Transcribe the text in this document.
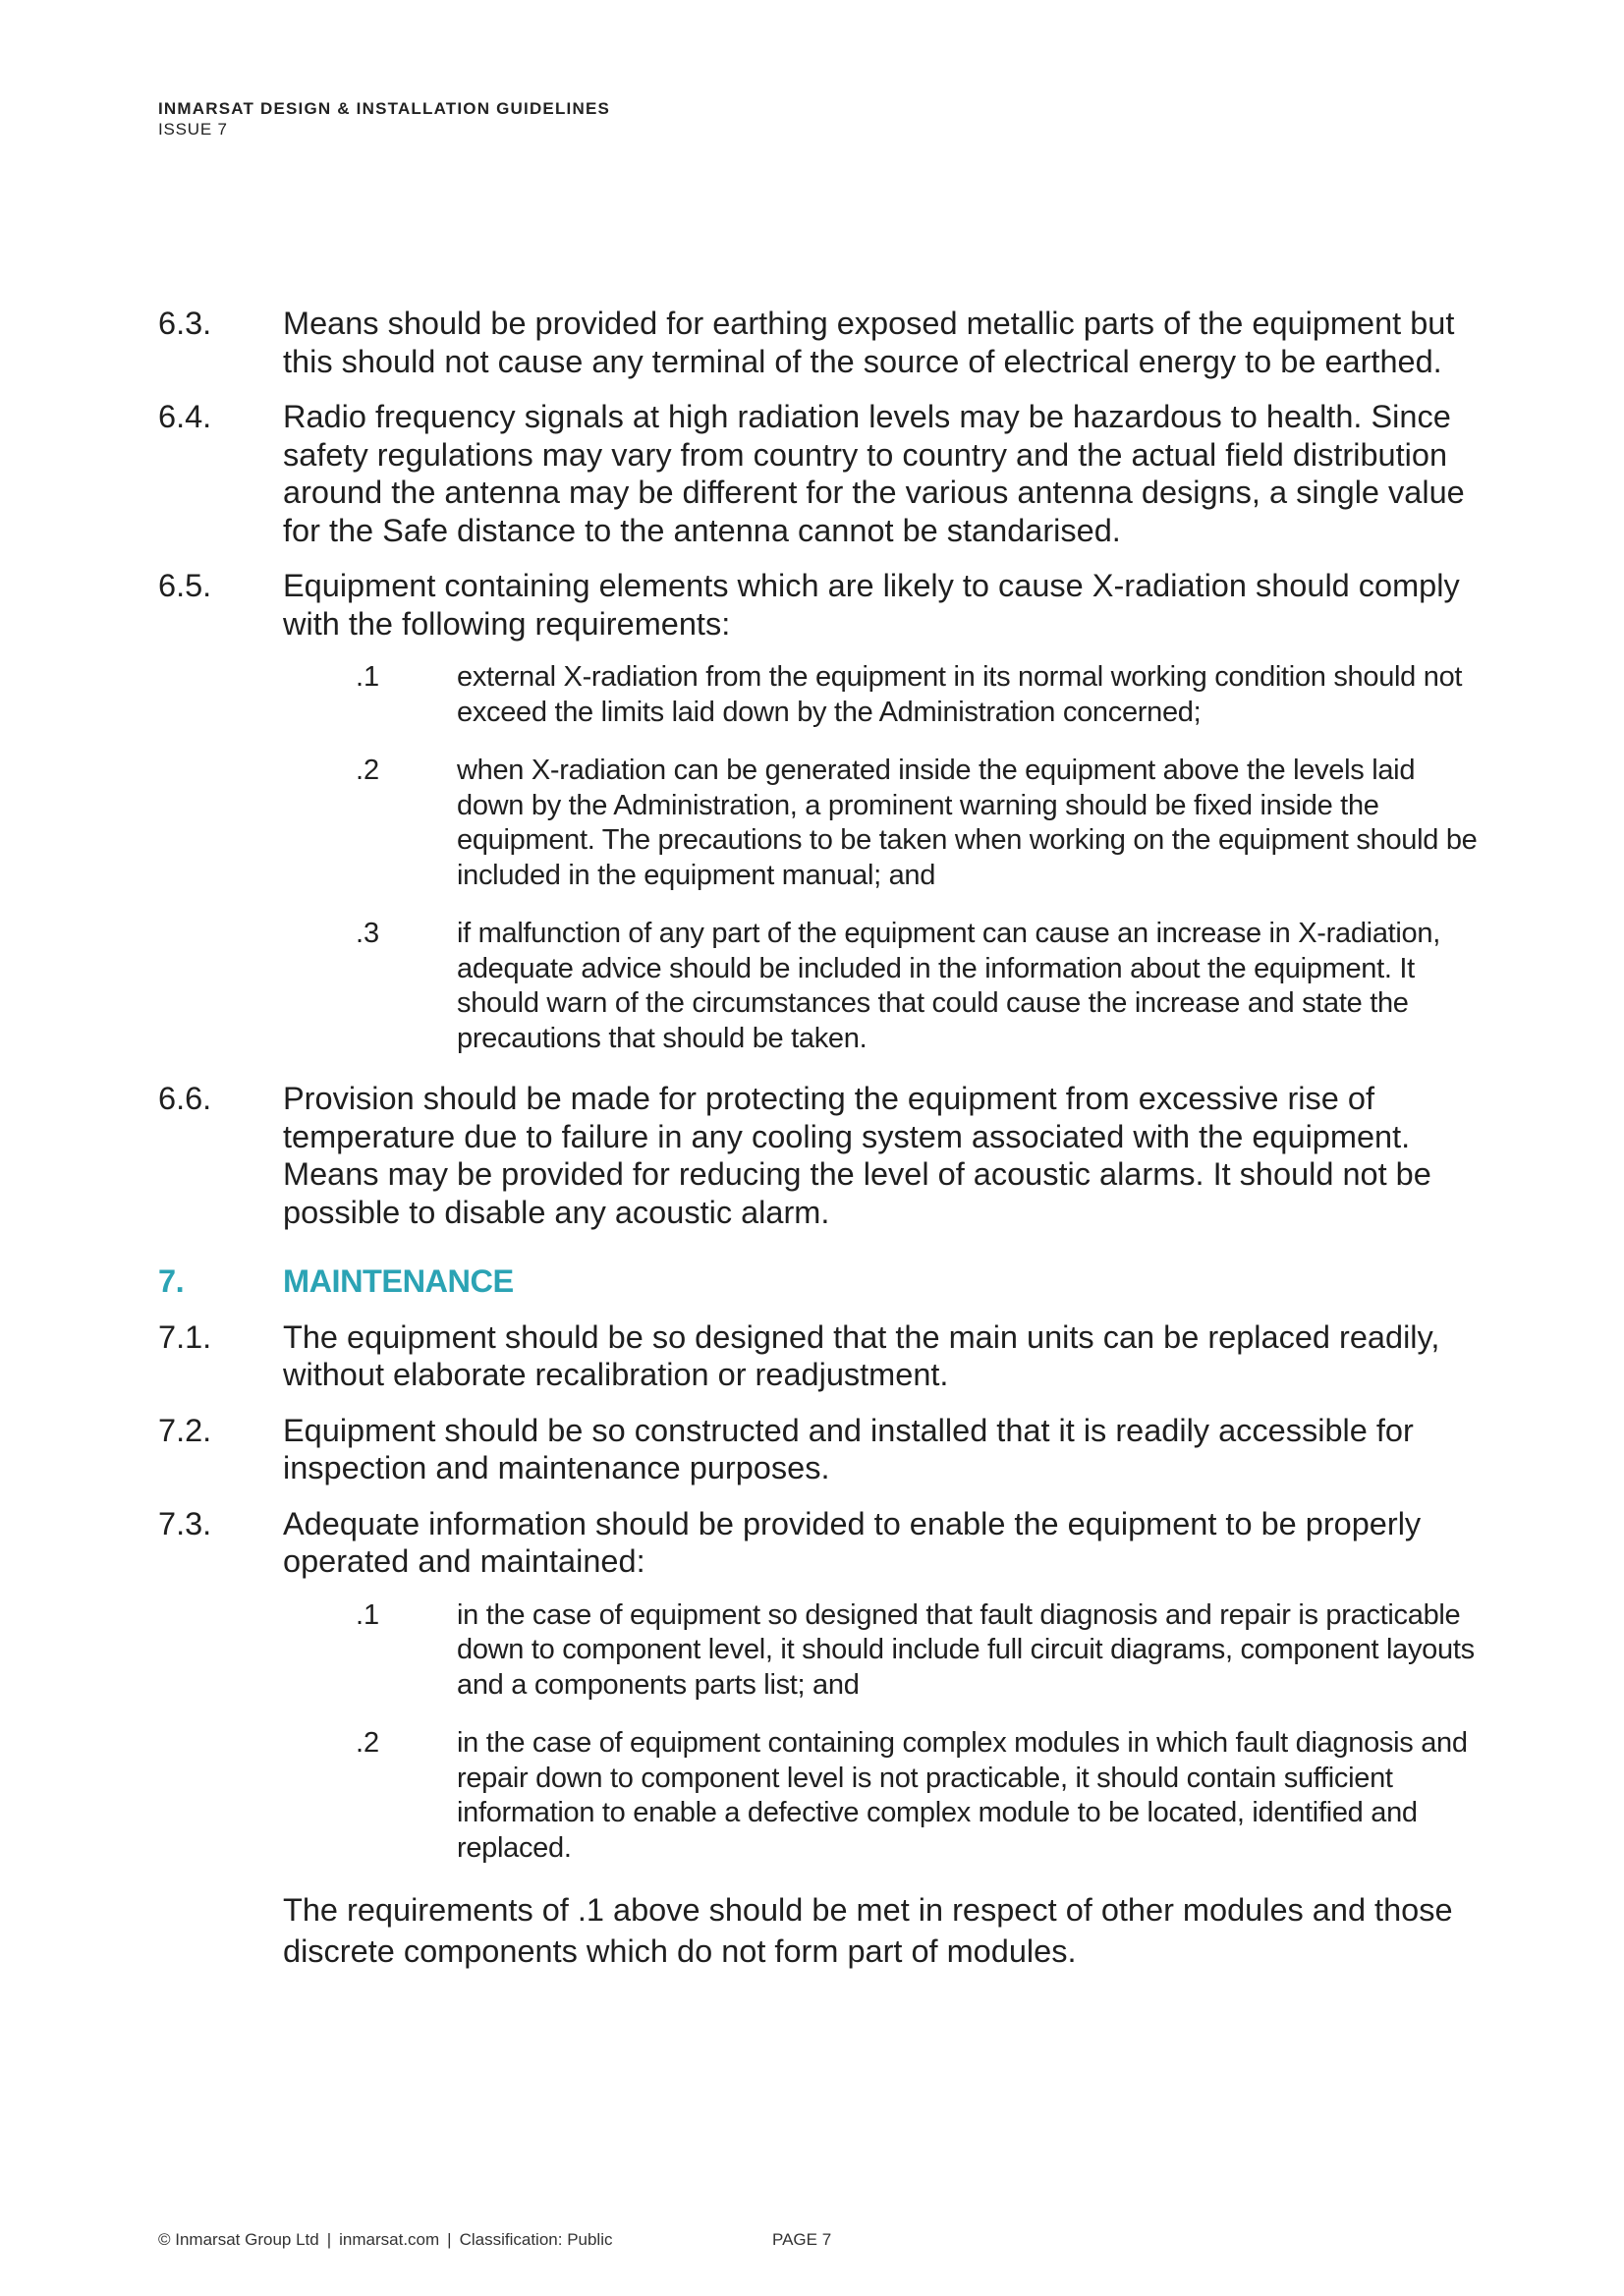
INMARSAT DESIGN & INSTALLATION GUIDELINES
ISSUE 7
6.3.	Means should be provided for earthing exposed metallic parts of the equipment but this should not cause any terminal of the source of electrical energy to be earthed.
6.4.	Radio frequency signals at high radiation levels may be hazardous to health. Since safety regulations may vary from country to country and the actual field distribution around the antenna may be different for the various antenna designs, a single value for the Safe distance to the antenna cannot be standarised.
6.5.	Equipment containing elements which are likely to cause X-radiation should comply with the following requirements:
.1	external X-radiation from the equipment in its normal working condition should not exceed the limits laid down by the Administration concerned;
.2	when X-radiation can be generated inside the equipment above the levels laid down by the Administration, a prominent warning should be fixed inside the equipment. The precautions to be taken when working on the equipment should be included in the equipment manual; and
.3	if malfunction of any part of the equipment can cause an increase in X-radiation, adequate advice should be included in the information about the equipment. It should warn of the circumstances that could cause the increase and state the precautions that should be taken.
6.6.	Provision should be made for protecting the equipment from excessive rise of temperature due to failure in any cooling system associated with the equipment. Means may be provided for reducing the level of acoustic alarms. It should not be possible to disable any acoustic alarm.
7.	MAINTENANCE
7.1.	The equipment should be so designed that the main units can be replaced readily, without elaborate recalibration or readjustment.
7.2.	Equipment should be so constructed and installed that it is readily accessible for inspection and maintenance purposes.
7.3.	Adequate information should be provided to enable the equipment to be properly operated and maintained:
.1	in the case of equipment so designed that fault diagnosis and repair is practicable down to component level, it should include full circuit diagrams, component layouts and a components parts list; and
.2	in the case of equipment containing complex modules in which fault diagnosis and repair down to component level is not practicable, it should contain sufficient information to enable a defective complex module to be located, identified and replaced.
The requirements of .1 above should be met in respect of other modules and those discrete components which do not form part of modules.
© Inmarsat Group Ltd | inmarsat.com | Classification: Public	PAGE 7
